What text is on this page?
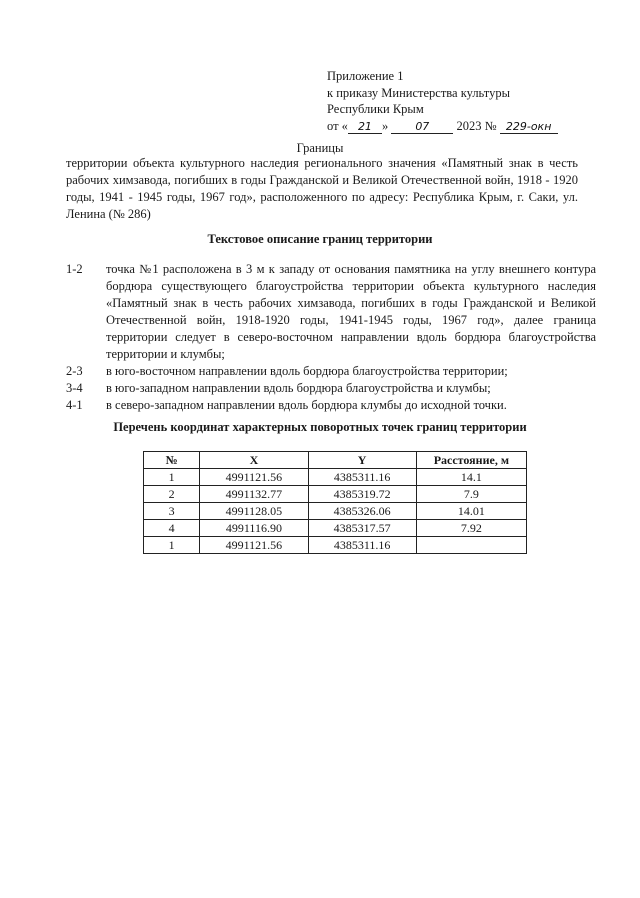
Приложение 1
к приказу Министерства культуры
Республики Крым
от « 21 » 07 2023 № 229-окн
Границы
территории объекта культурного наследия регионального значения «Памятный знак в честь рабочих химзавода, погибших в годы Гражданской и Великой Отечественной войн, 1918 - 1920 годы, 1941 - 1945 годы, 1967 год», расположенного по адресу: Республика Крым, г. Саки, ул. Ленина (№ 286)
Текстовое описание границ территории
1-2	точка №1 расположена в 3 м к западу от основания памятника на углу внешнего контура бордюра существующего благоустройства территории объекта культурного наследия «Памятный знак в честь рабочих химзавода, погибших в годы Гражданской и Великой Отечественной войн, 1918-1920 годы, 1941-1945 годы, 1967 год», далее граница территории следует в северо-восточном направлении вдоль бордюра благоустройства территории и клумбы;
2-3	в юго-восточном направлении вдоль бордюра благоустройства территории;
3-4	в юго-западном направлении вдоль бордюра благоустройства и клумбы;
4-1	в северо-западном направлении вдоль бордюра клумбы до исходной точки.
Перечень координат характерных поворотных точек границ территории
№	X	Y	Расстояние, м
1	4991121.56	4385311.16	14.1
2	4991132.77	4385319.72	7.9
3	4991128.05	4385326.06	14.01
4	4991116.90	4385317.57	7.92
1	4991121.56	4385311.16	
